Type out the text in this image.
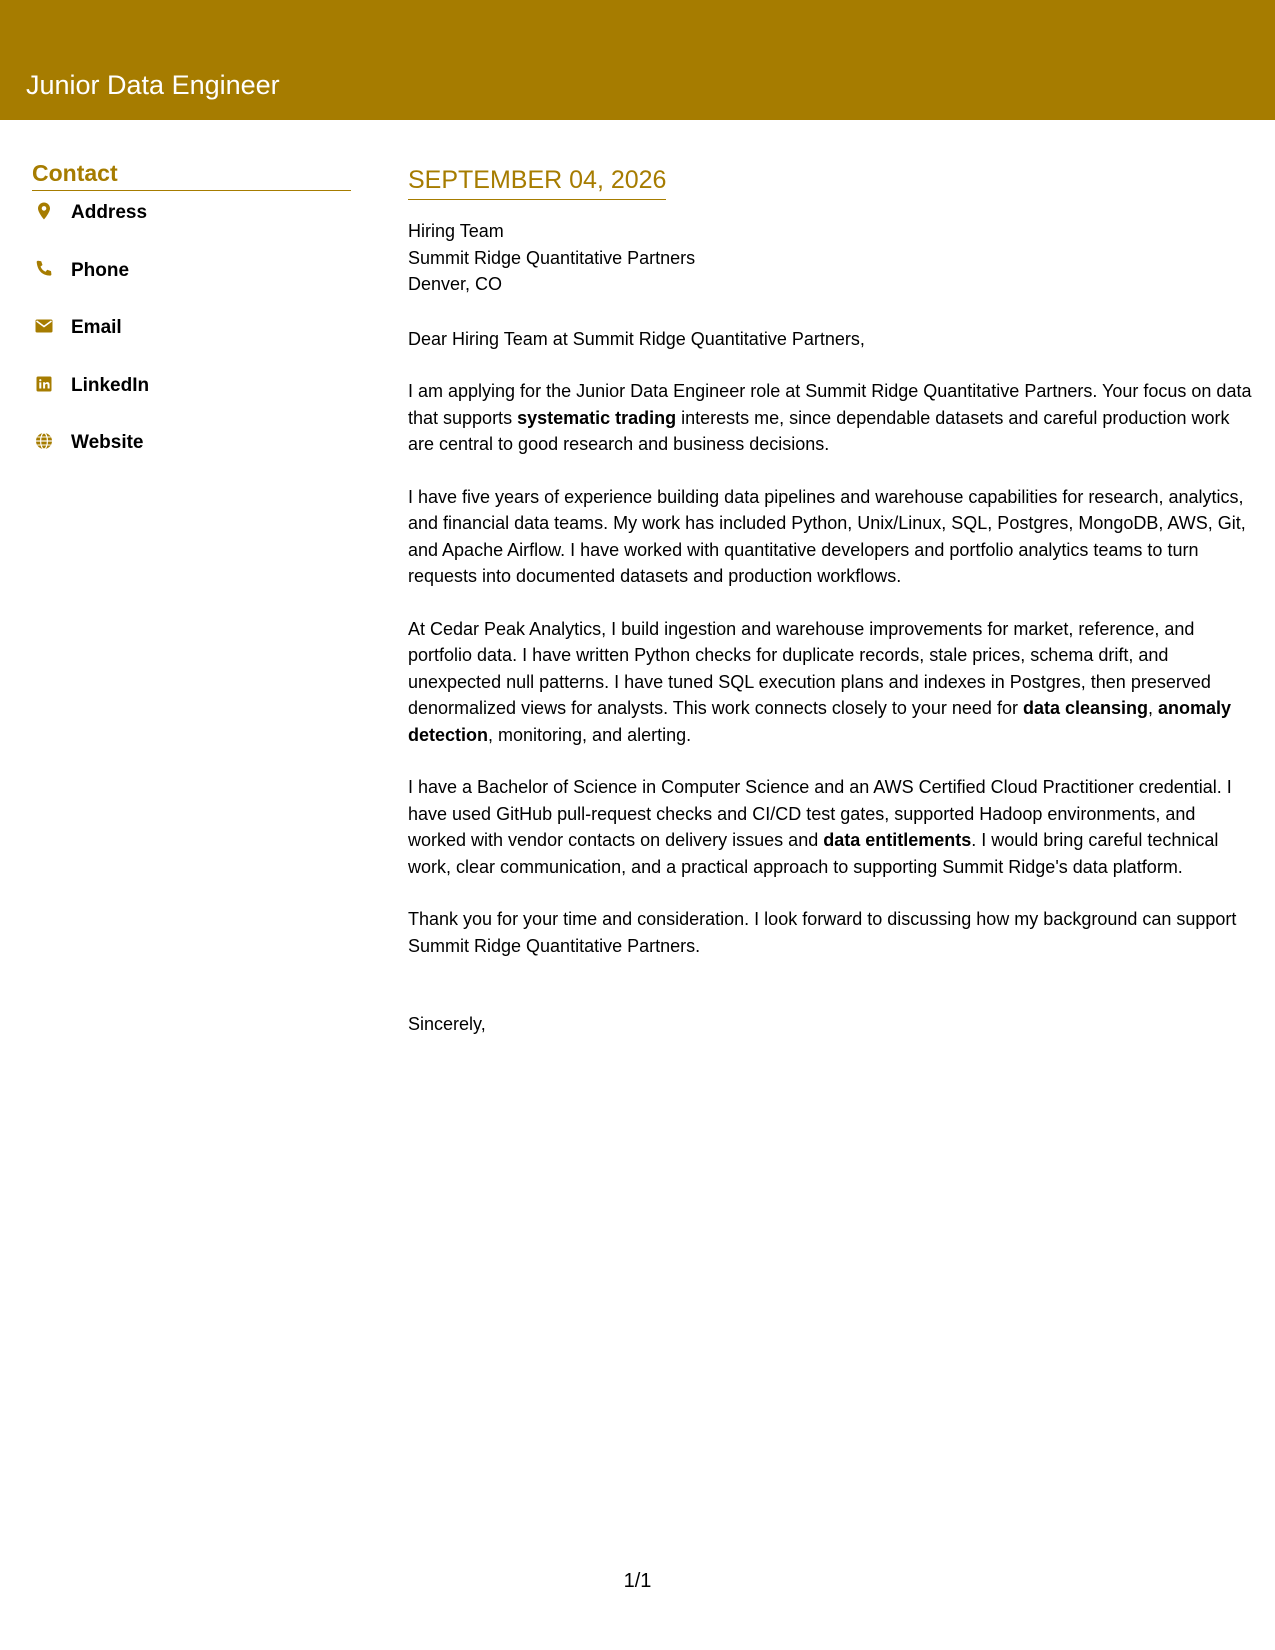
Junior Data Engineer
Contact
Address
Phone
Email
LinkedIn
Website
SEPTEMBER 04, 2026
Hiring Team
Summit Ridge Quantitative Partners
Denver, CO

Dear Hiring Team at Summit Ridge Quantitative Partners,

I am applying for the Junior Data Engineer role at Summit Ridge Quantitative Partners. Your focus on data that supports systematic trading interests me, since dependable datasets and careful production work are central to good research and business decisions.

I have five years of experience building data pipelines and warehouse capabilities for research, analytics, and financial data teams. My work has included Python, Unix/Linux, SQL, Postgres, MongoDB, AWS, Git, and Apache Airflow. I have worked with quantitative developers and portfolio analytics teams to turn requests into documented datasets and production workflows.

At Cedar Peak Analytics, I build ingestion and warehouse improvements for market, reference, and portfolio data. I have written Python checks for duplicate records, stale prices, schema drift, and unexpected null patterns. I have tuned SQL execution plans and indexes in Postgres, then preserved denormalized views for analysts. This work connects closely to your need for data cleansing, anomaly detection, monitoring, and alerting.

I have a Bachelor of Science in Computer Science and an AWS Certified Cloud Practitioner credential. I have used GitHub pull-request checks and CI/CD test gates, supported Hadoop environments, and worked with vendor contacts on delivery issues and data entitlements. I would bring careful technical work, clear communication, and a practical approach to supporting Summit Ridge's data platform.

Thank you for your time and consideration. I look forward to discussing how my background can support Summit Ridge Quantitative Partners.

Sincerely,

1/1
